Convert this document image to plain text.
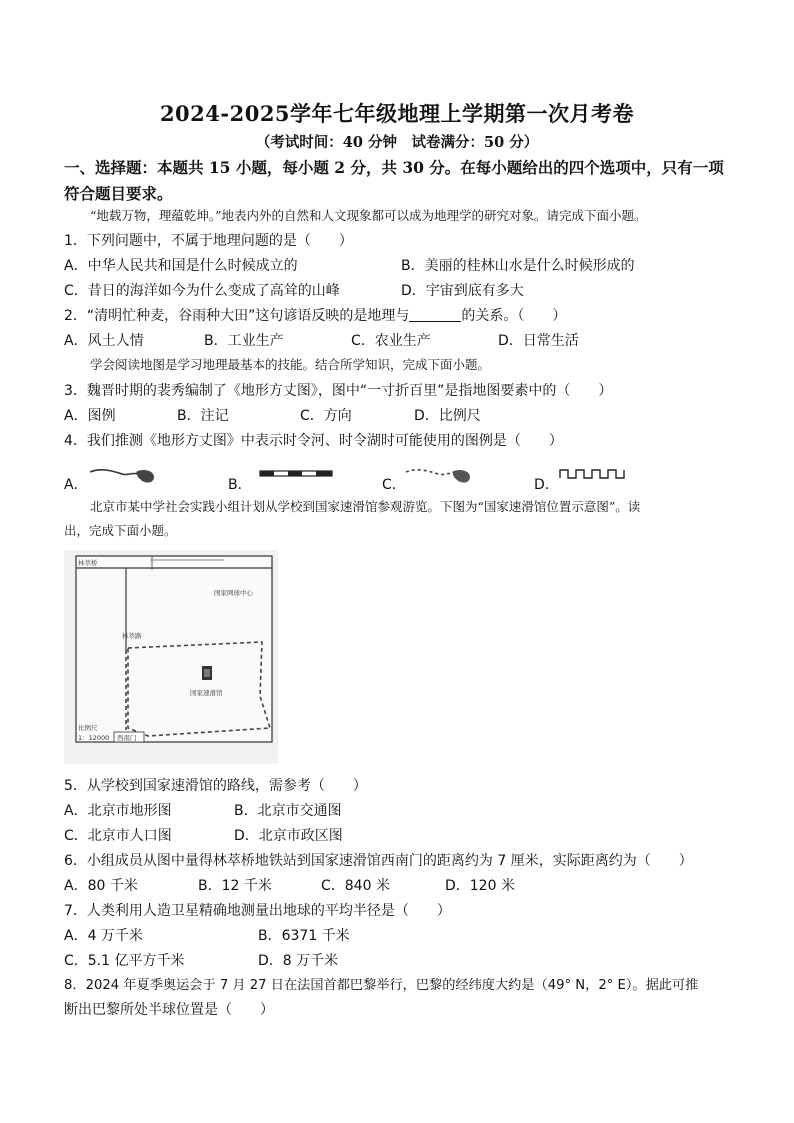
2024-2025学年七年级地理上学期第一次月考卷
（考试时间：40 分钟　试卷满分：50 分）
一、选择题：本题共 15 小题，每小题 2 分，共 30 分。在每小题给出的四个选项中，只有一项
符合题目要求。
“地载万物，理蕴乾坤。”地表内外的自然和人文现象都可以成为地理学的研究对象。请完成下面小题。
1．下列问题中，不属于地理问题的是（　　）
A．中华人民共和国是什么时候成立的	B．美丽的桂林山水是什么时候形成的
C．昔日的海洋如今为什么变成了高耸的山峰	D．宇宙到底有多大
2．“清明忙种麦，谷雨种大田”这句谚语反映的是地理与	的关系。（　　）
A．风土人情	B．工业生产	C．农业生产	D．日常生活
学会阅读地图是学习地理最基本的技能。结合所学知识，完成下面小题。
3．魏晋时期的裴秀编制了《地形方丈图》，图中“一寸折百里”是指地图要素中的（　　）
A．图例	B．注记	C．方向	D．比例尺
4．我们推测《地形方丈图》中表示时令河、时令湖时可能使用的图例是（　　）
A．	B．	C．	D．
北京市某中学社会实践小组计划从学校到国家速滑馆参观游览。下图为“国家速滑馆位置示意图”。读
出，完成下面小题。
林萃桥
国家网球中心
林萃路
国家速滑馆
比例尺
1：12000 西南门
5．从学校到国家速滑馆的路线，需参考（　　）
A．北京市地形图	B．北京市交通图
C．北京市人口图	D．北京市政区图
6．小组成员从图中量得林萃桥地铁站到国家速滑馆西南门的距离约为 7 厘米，实际距离约为（　　）
A．80 千米	B．12 千米	C．840 米	D．120 米
7．人类利用人造卫星精确地测量出地球的平均半径是（　　）
A．4 万千米	B．6371 千米
C．5.1 亿平方千米	D．8 万千米
8．2024 年夏季奥运会于 7 月 27 日在法国首都巴黎举行，巴黎的经纬度大约是（49° N，2° E）。据此可推
断出巴黎所处半球位置是（　　）
